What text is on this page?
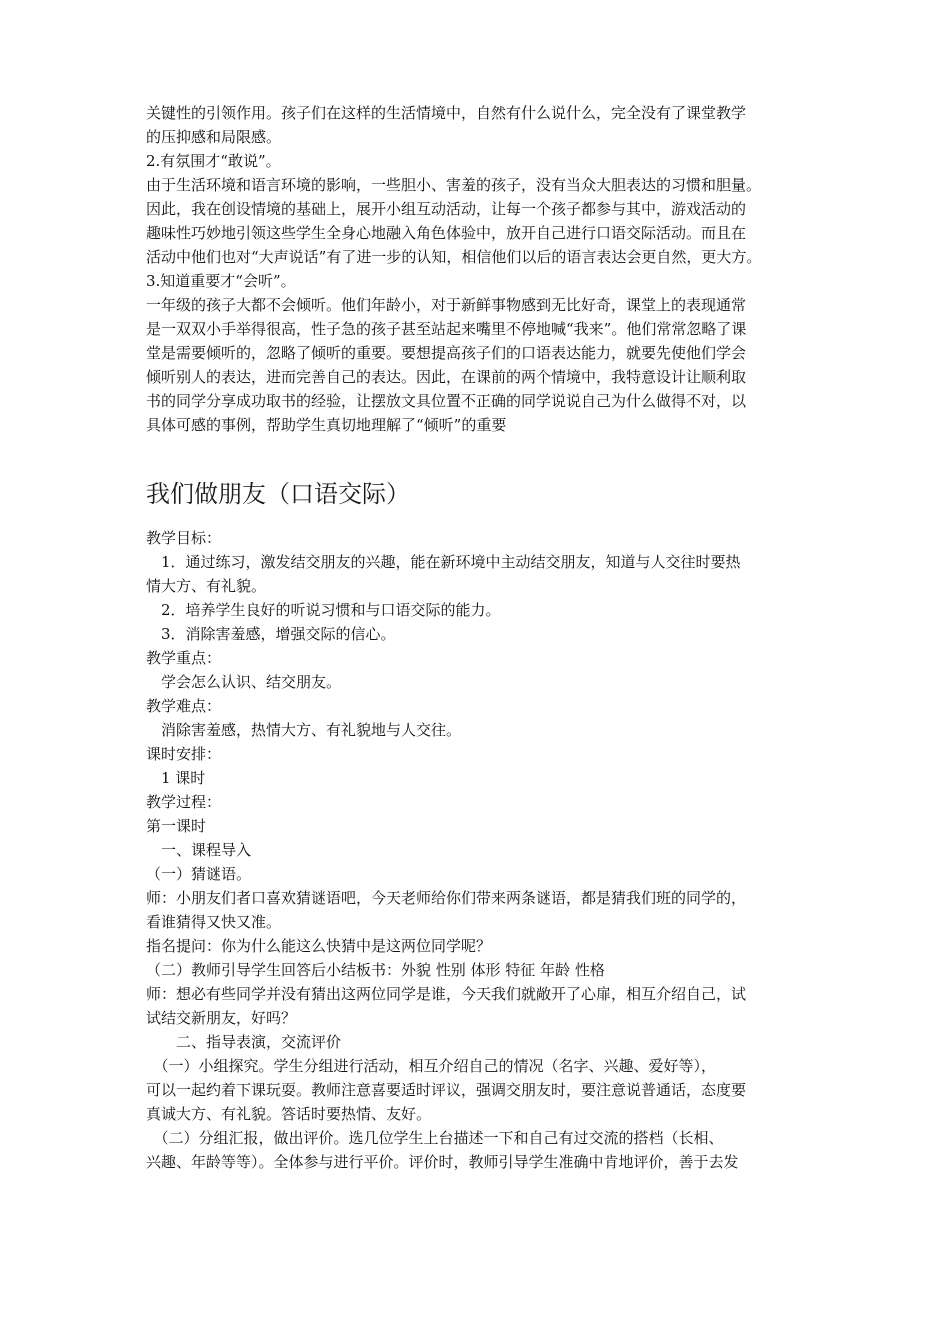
关键性的引领作用。孩子们在这样的生活情境中，自然有什么说什么，完全没有了课堂教学
的压抑感和局限感。
2.有氛围才“敢说”。
由于生活环境和语言环境的影响，一些胆小、害羞的孩子，没有当众大胆表达的习惯和胆量。
因此，我在创设情境的基础上，展开小组互动活动，让每一个孩子都参与其中，游戏活动的
趣味性巧妙地引领这些学生全身心地融入角色体验中，放开自己进行口语交际活动。而且在
活动中他们也对“大声说话”有了进一步的认知，相信他们以后的语言表达会更自然，更大方。
3.知道重要才“会听”。
一年级的孩子大都不会倾听。他们年龄小，对于新鲜事物感到无比好奇，课堂上的表现通常
是一双双小手举得很高，性子急的孩子甚至站起来嘴里不停地喊“我来”。他们常常忽略了课
堂是需要倾听的，忽略了倾听的重要。要想提高孩子们的口语表达能力，就要先使他们学会
倾听别人的表达，进而完善自己的表达。因此，在课前的两个情境中，我特意设计让顺利取
书的同学分享成功取书的经验，让摆放文具位置不正确的同学说说自己为什么做得不对，以
具体可感的事例，帮助学生真切地理解了“倾听”的重要
我们做朋友（口语交际）
教学目标：
　1．通过练习，激发结交朋友的兴趣，能在新环境中主动结交朋友，知道与人交往时要热
情大方、有礼貌。
　2．培养学生良好的听说习惯和与口语交际的能力。
　3．消除害羞感，增强交际的信心。
教学重点：
　学会怎么认识、结交朋友。
教学难点：
　消除害羞感，热情大方、有礼貌地与人交往。
课时安排：
　1 课时
教学过程：
第一课时
　一、课程导入
（一）猜谜语。
师：小朋友们者口喜欢猜谜语吧，今天老师给你们带来两条谜语，都是猜我们班的同学的，
看谁猜得又快又准。
指名提问：你为什么能这么快猜中是这两位同学呢？
（二）教师引导学生回答后小结板书：外貌 性别 体形 特征 年龄 性格
师：想必有些同学并没有猜出这两位同学是谁，今天我们就敞开了心扉，相互介绍自己，试
试结交新朋友，好吗？
　　二、指导表演，交流评价
　（一）小组探究。学生分组进行活动，相互介绍自己的情况（名字、兴趣、爱好等），
可以一起约着下课玩耍。教师注意喜要适时评议，强调交朋友时，要注意说普通话，态度要
真诚大方、有礼貌。答话时要热情、友好。
　（二）分组汇报，做出评价。选几位学生上台描述一下和自己有过交流的搭档（长相、
兴趣、年龄等等）。全体参与进行平价。评价时，教师引导学生准确中肯地评价，善于去发
